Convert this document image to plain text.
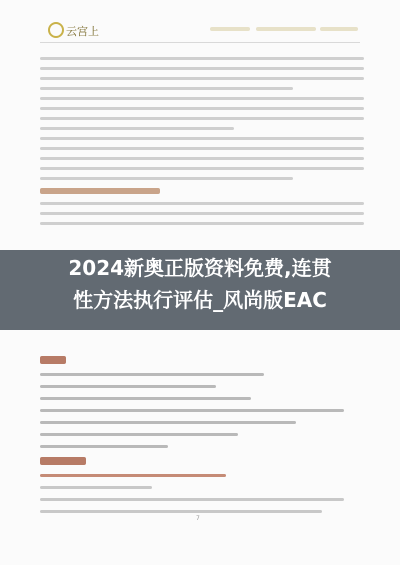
云宫上
2024新奥正版资料免费,连贯
性方法执行评估_风尚版EAC
7
